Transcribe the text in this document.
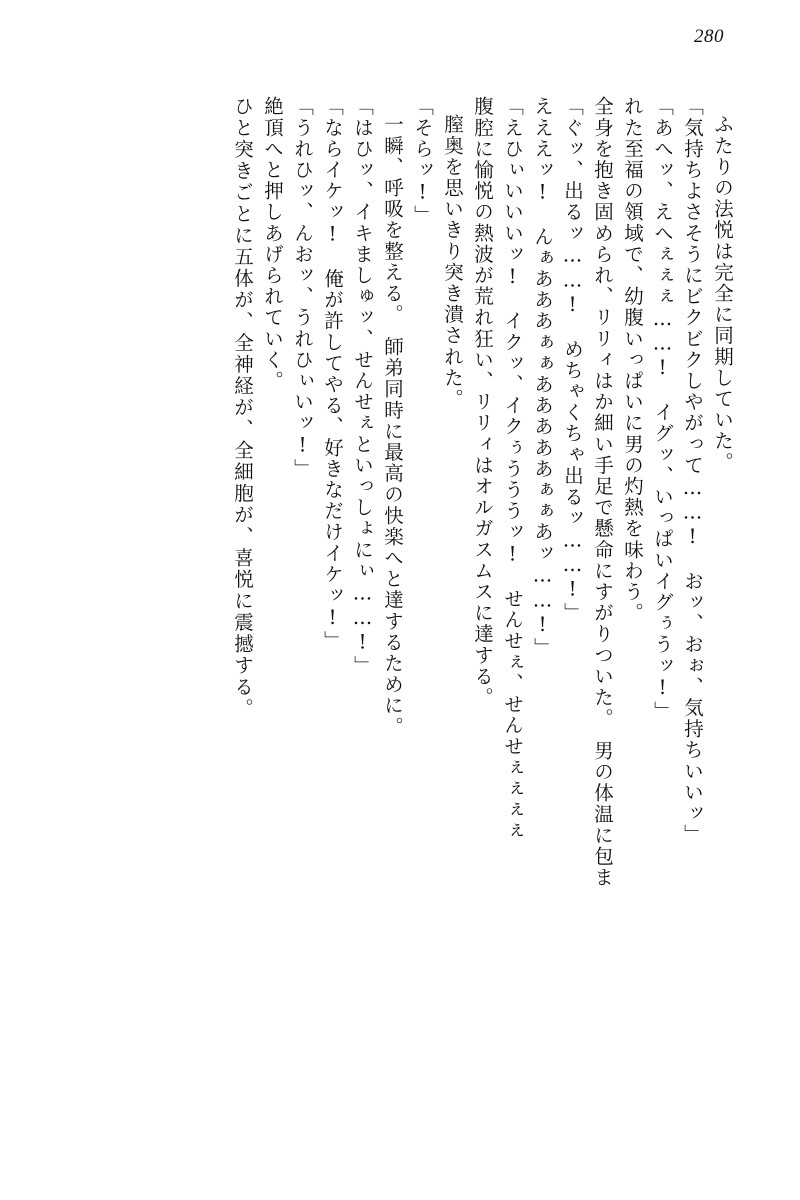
280
ひと突きごとに五体が、全神経が、全細胞が、喜悦に震撼する。 絶頂へと押しあげられていく。 「うれひッ、んおッ、うれひぃいッ!」 「ならイケッ!　俺が許してやる、好きなだけイケッ!」 「はひッ、イキましゅッ、せんせぇといっしょにぃ……!」 一瞬、呼吸を整える。　師弟同時に最高の快楽へと達するために。 「そらッ!」 膣奥を思いきり突き潰された。 腹腔に愉悦の熱波が荒れ狂い、リリィはオルガスムスに達する。 「えひぃいいいッ!　イクッ、イクぅうううッ!　せんせぇ、せんせぇぇぇぇ えええッ!　んぁあああぁぁあああああぁぁあッ……!」 「ぐッ、出るッ……!　めちゃくちゃ出るッ……!」 全身を抱き固められ、リリィはか細い手足で懸命にすがりついた。　男の体温に包ま れた至福の領域で、幼腹いっぱいに男の灼熱を味わう。 「あへッ、えへぇぇぇ……!　イグッ、いっぱいイグぅうッ!」 「気持ちよさそうにビクビクしやがって……!　おッ、おぉ、気持ちいいッ」 ふたりの法悦は完全に同期していた。
